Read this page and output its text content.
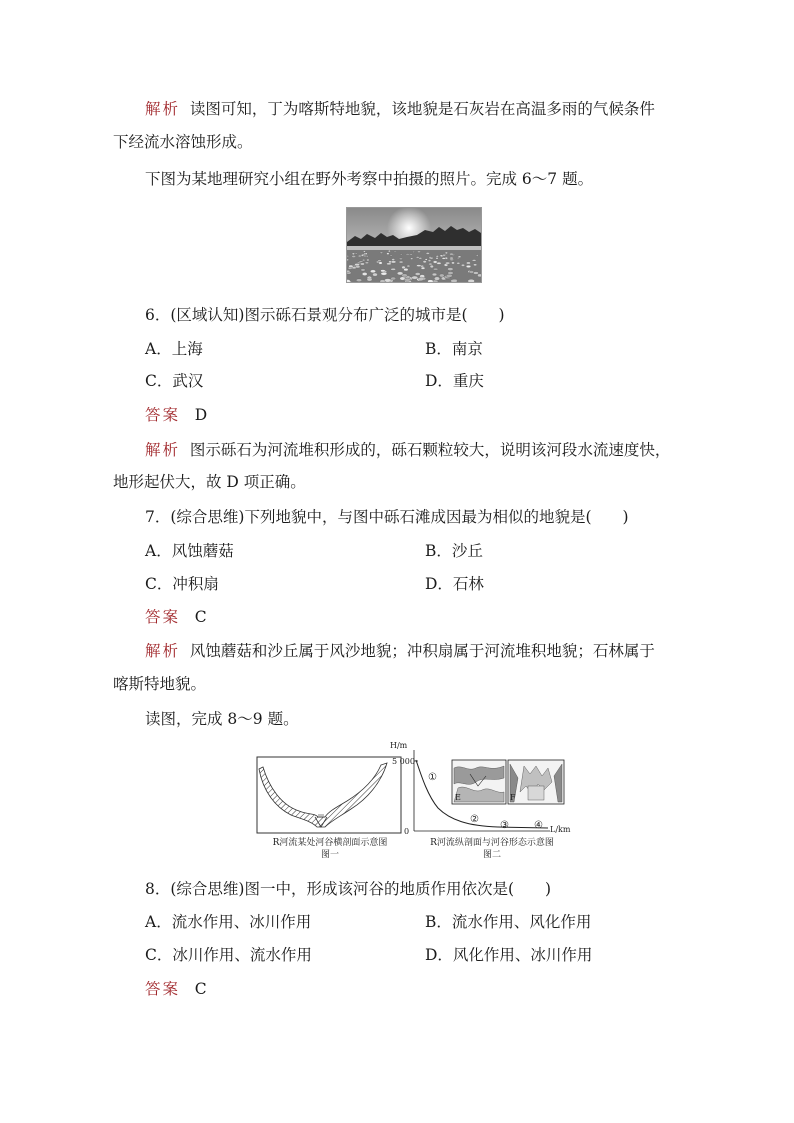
解析 读图可知，丁为喀斯特地貌，该地貌是石灰岩在高温多雨的气候条件
下经流水溶蚀形成。
下图为某地理研究小组在野外考察中拍摄的照片。完成 6～7 题。
6．(区域认知)图示砾石景观分布广泛的城市是(　　)
A．上海	B．南京
C．武汉	D．重庆
答案 D
解析 图示砾石为河流堆积形成的，砾石颗粒较大，说明该河段水流速度快，
地形起伏大，故 D 项正确。
7．(综合思维)下列地貌中，与图中砾石滩成因最为相似的地貌是(　　)
A．风蚀蘑菇	B．沙丘
C．冲积扇	D．石林
答案 C
解析 风蚀蘑菇和沙丘属于风沙地貌；冲积扇属于河流堆积地貌；石林属于
喀斯特地貌。
读图，完成 8～9 题。
R河流某处河谷横剖面示意图
图一
H/m
5 000
0	L/km
①
②
③	④
E	F
R河流纵剖面与河谷形态示意图
图二
8．(综合思维)图一中，形成该河谷的地质作用依次是(　　)
A．流水作用、冰川作用	B．流水作用、风化作用
C．冰川作用、流水作用	D．风化作用、冰川作用
答案 C
